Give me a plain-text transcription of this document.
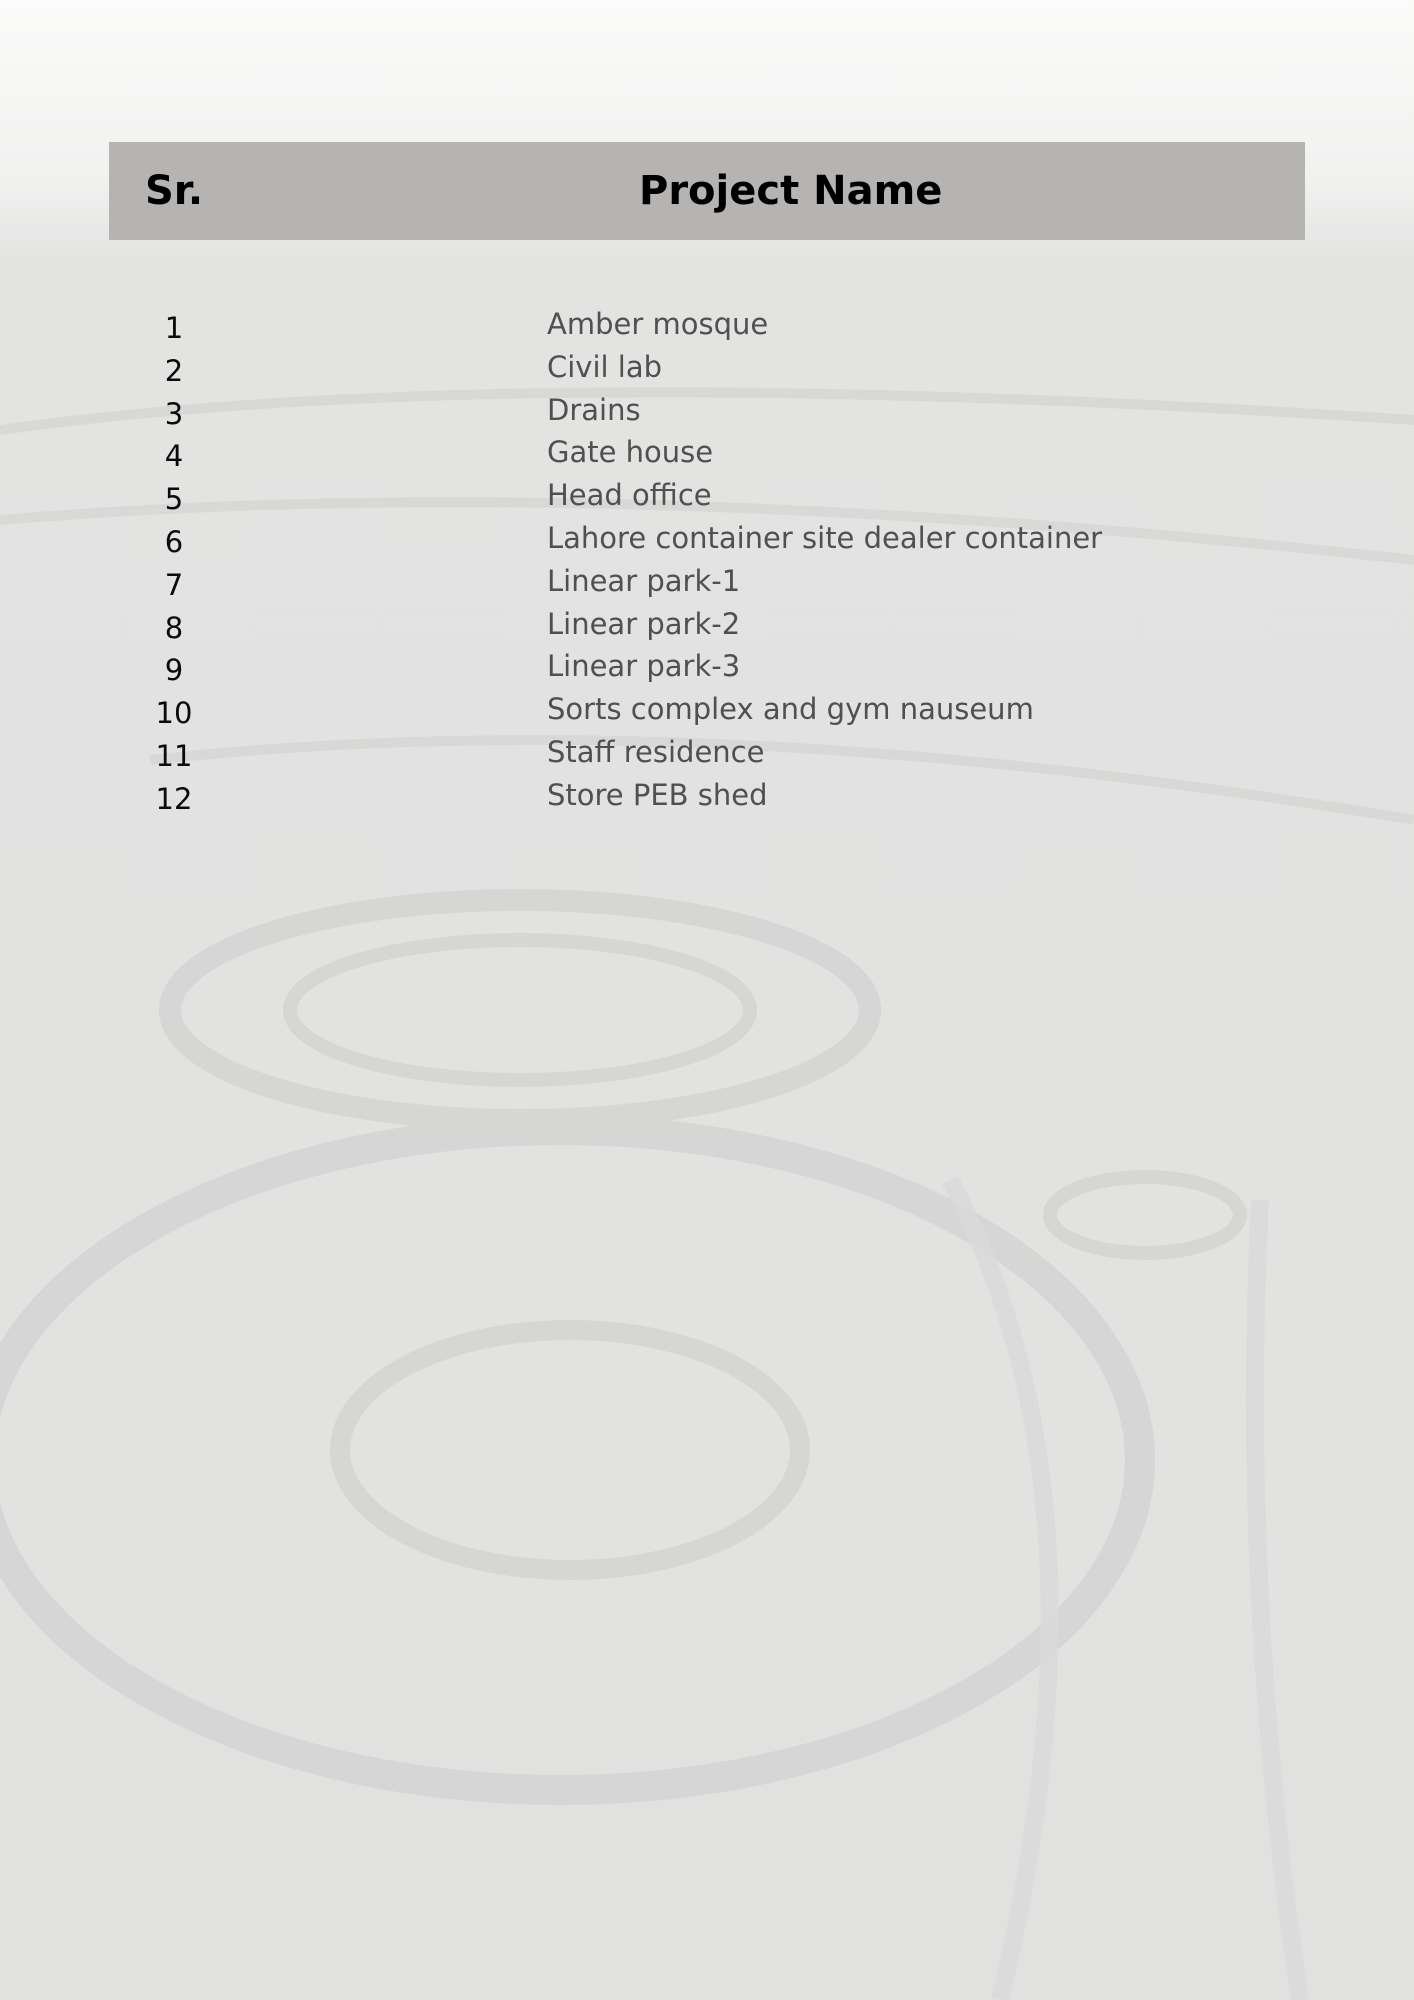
Sr.	Project Name
1	Amber mosque
2	Civil lab
3	Drains
4	Gate house
5	Head office
6	Lahore container site dealer container
7	Linear park-1
8	Linear park-2
9	Linear park-3
10	Sorts complex and gym nauseum
11	Staff residence
12	Store PEB shed
